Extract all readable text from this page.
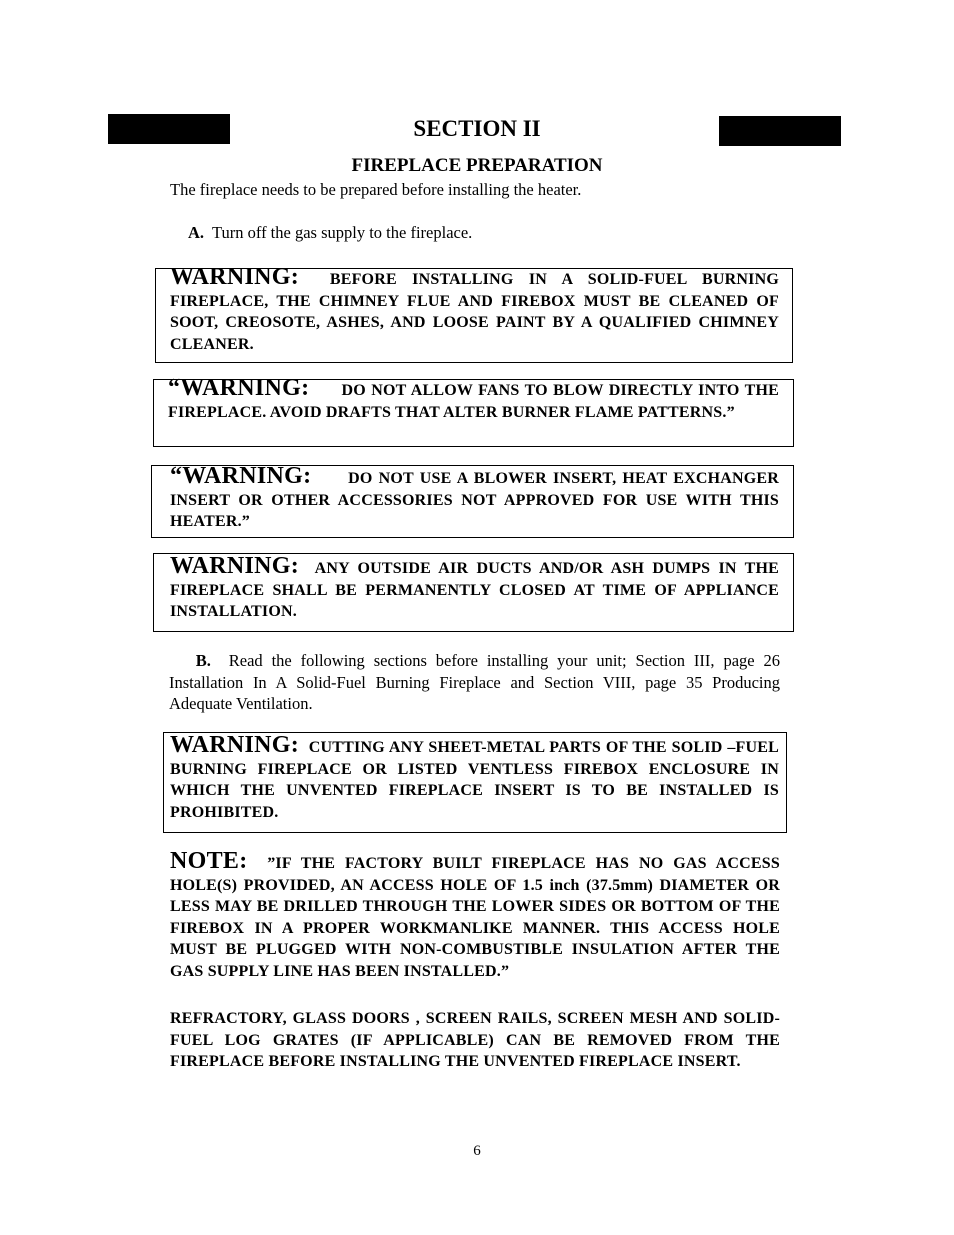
SECTION II
FIREPLACE PREPARATION
The fireplace needs to be prepared before installing the heater.
A. Turn off the gas supply to the fireplace.
WARNING: BEFORE INSTALLING IN A SOLID-FUEL BURNING FIREPLACE, THE CHIMNEY FLUE AND FIREBOX MUST BE CLEANED OF SOOT, CREOSOTE, ASHES, AND LOOSE PAINT BY A QUALIFIED CHIMNEY CLEANER.
“WARNING: DO NOT ALLOW FANS TO BLOW DIRECTLY INTO THE FIREPLACE. AVOID DRAFTS THAT ALTER BURNER FLAME PATTERNS.”
“WARNING: DO NOT USE A BLOWER INSERT, HEAT EXCHANGER INSERT OR OTHER ACCESSORIES NOT APPROVED FOR USE WITH THIS HEATER.”
WARNING: ANY OUTSIDE AIR DUCTS AND/OR ASH DUMPS IN THE FIREPLACE SHALL BE PERMANENTLY CLOSED AT TIME OF APPLIANCE INSTALLATION.
B. Read the following sections before installing your unit; Section III, page 26 Installation In A Solid-Fuel Burning Fireplace and Section VIII, page 35 Producing Adequate Ventilation.
WARNING: CUTTING ANY SHEET-METAL PARTS OF THE SOLID –FUEL BURNING FIREPLACE OR LISTED VENTLESS FIREBOX ENCLOSURE IN WHICH THE UNVENTED FIREPLACE INSERT IS TO BE INSTALLED IS PROHIBITED.
NOTE: ”IF THE FACTORY BUILT FIREPLACE HAS NO GAS ACCESS HOLE(S) PROVIDED, AN ACCESS HOLE OF 1.5 inch (37.5mm) DIAMETER OR LESS MAY BE DRILLED THROUGH THE LOWER SIDES OR BOTTOM OF THE FIREBOX IN A PROPER WORKMANLIKE MANNER. THIS ACCESS HOLE MUST BE PLUGGED WITH NON-COMBUSTIBLE INSULATION AFTER THE GAS SUPPLY LINE HAS BEEN INSTALLED.”
REFRACTORY, GLASS DOORS , SCREEN RAILS, SCREEN MESH AND SOLID-FUEL LOG GRATES (IF APPLICABLE) CAN BE REMOVED FROM THE FIREPLACE BEFORE INSTALLING THE UNVENTED FIREPLACE INSERT.
6
